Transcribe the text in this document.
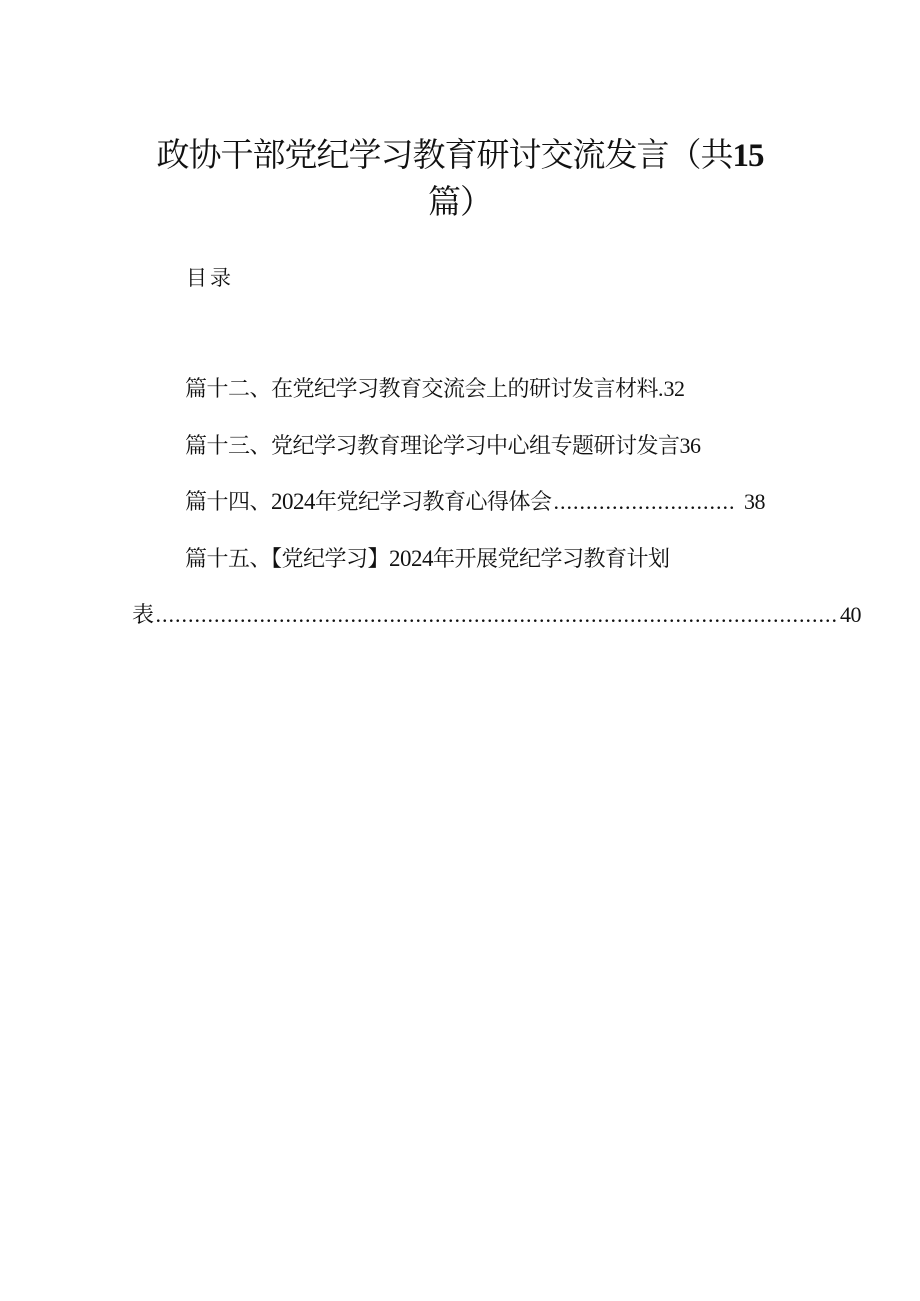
政协干部党纪学习教育研讨交流发言（共15
篇）
目录
篇十二、在党纪学习教育交流会上的研讨发言材料.32
篇十三、党纪学习教育理论学习中心组专题研讨发言36
篇十四、 2024 年党纪学习教育心得体会 ............................ 38
篇十五、【党纪学习】2024年开展党纪学习教育计划
表 ......................................................................................................... 40
